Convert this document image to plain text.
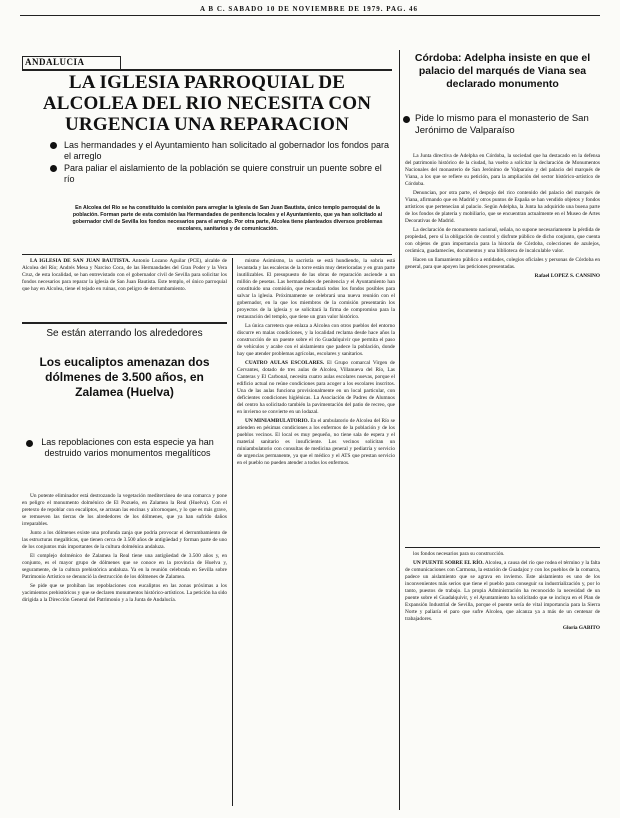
A B C. SABADO 10 DE NOVIEMBRE DE 1979. PAG. 46
ANDALUCIA
LA IGLESIA PARROQUIAL DE ALCOLEA DEL RIO NECESITA CON URGENCIA UNA REPARACION
Las hermandades y el Ayuntamiento han solicitado al gobernador los fondos para el arreglo
Para paliar el aislamiento de la población se quiere construir un puente sobre el río
En Alcolea del Río se ha constituido la comisión para arreglar la iglesia de San Juan Bautista, único templo parroquial de la población. Forman parte de esta comisión las Hermandades de penitencia locales y el Ayuntamiento, que ya han solicitado al gobernador civil de Sevilla los fondos necesarios para el arreglo. Por otra parte, Alcolea tiene planteados diversos problemas escolares, sanitarios y de comunicación.

LA IGLESIA DE SAN JUAN BAUTISTA. Antonio Lozano Aguilar (PCE), alcalde de Alcolea del Río; Andrés Mesa y Narciso Coca, de las Hermandades del Gran Poder y la Vera Cruz, de esta localidad, se han entrevistado con el gobernador civil de Sevilla para solicitar los fondos necesarios para reparar la iglesia de San Juan Bautista. Este templo, el único parroquial que hay en Alcolea, tiene el tejado en ruinas, con peligro de derrumbamiento.

Se están aterrando los alrededores
Los eucaliptos amenazan dos dólmenes de 3.500 años, en Zalamea (Huelva)
Las repoblaciones con esta especie ya han destruido varios monumentos megalíticos

Un potente eliminador está destrozando la vegetación mediterránea de una comarca y pone en peligro el monumento dolménico de El Pozuelo, en Zalamea la Real (Huelva). Con el pretexto de repoblar con eucaliptos, se arrasan las encinas y alcornoques, y lo que es más grave, se remueven las tierras de los alrededores de los dólmenes, que ya han sufrido daños irreparables.

Junto a los dólmenes existe una profunda zanja que podría provocar el derrumbamiento de las estructuras megalíticas, que tienen cerca de 3.500 años de antigüedad y forman parte de uno de los conjuntos más importantes de la cultura dolménica andaluza.

El complejo dolménico de Zalamea la Real tiene una antigüedad de 3.500 años y, en conjunto, es el mayor grupo de dólmenes que se conoce en la provincia de Huelva y, seguramente, de la cultura prehistórica andaluza. Ya en la reunión celebrada en Sevilla sobre Patrimonio Artístico se denunció la destrucción de los dólmenes de Zalamea.

Se pide que se prohíban las repoblaciones con eucaliptos en las zonas próximas a los yacimientos prehistóricos y que se declaren monumentos histórico-artísticos. La petición ha sido dirigida a la Dirección General del Patrimonio y a la Junta de Andalucía.

mismo Asimismo, la sacristía se está hundiendo, la sobria está levantada y las escaleras de la torre están muy deterioradas y en gran parte inutilizables. El presupuesto de las obras de reparación asciende a un millón de pesetas. Las hermandades de penitencia y el Ayuntamiento han constituido una comisión, que recaudará todos los fondos posibles para salvar la iglesia. Próximamente se celebrará una nueva reunión con el gobernador, en la que los miembros de la comisión presentarán los proyectos de la iglesia y se solicitará la firma de compromiso para la restauración del templo, que tiene un gran valor histórico.

La única carretera que enlaza a Alcolea con otros pueblos del entorno discurre en malas condiciones, y la localidad reclama desde hace años la construcción de un puente sobre el río Guadalquivir que permita el paso de vehículos y acabe con el aislamiento que padece la población, donde hay que atender problemas agrícolas, escolares y sanitarios.

CUATRO AULAS ESCOLARES. El Grupo comarcal Virgen de Cervantes, dotado de tres aulas de Alcolea, Villanueva del Río, Las Canteras y El Carbonal, necesita cuatro aulas escolares nuevas, porque el edificio actual no reúne condiciones para acoger a los escolares inscritos. Una de las aulas funciona provisionalmente en un local particular, con deficientes condiciones higiénicas. La Asociación de Padres de Alumnos del centro ha solicitado también la pavimentación del patio de recreo, que en invierno se convierte en un lodazal.

UN MINIAMBULATORIO. En el ambulatorio de Alcolea del Río se atienden en pésimas condiciones a los enfermos de la población y de los pueblos vecinos. El local es muy pequeño, no tiene sala de espera y el material sanitario es insuficiente. Los vecinos solicitan un miniambulatorio con consultas de medicina general y pediatría y servicio de urgencias permanente, ya que el médico y el ATS que prestan servicio en el pueblo no pueden atender a todos los enfermos.

Córdoba: Adelpha insiste en que el palacio del marqués de Viana sea declarado monumento
Pide lo mismo para el monasterio de San Jerónimo de Valparaíso

La Junta directiva de Adelpha en Córdoba, la sociedad que ha destacado en la defensa del patrimonio histórico de la ciudad, ha vuelto a solicitar la declaración de Monumentos Nacionales del monasterio de San Jerónimo de Valparaíso y del palacio del marqués de Viana, a los que se refiere su petición, para la ampliación del sector histórico-artístico de Córdoba.

Denuncian, por otra parte, el despojo del rico contenido del palacio del marqués de Viana, afirmando que en Madrid y otros puntos de España se han vendido objetos y fondos artísticos que pertenecían al palacio. Según Adelpha, la Junta ha adquirido una buena parte de los fondos de platería y mobiliario, que se encuentran actualmente en el Museo de Artes Decorativas de Madrid.

La declaración de monumento nacional, señala, no supone necesariamente la pérdida de propiedad, pero sí la obligación de control y disfrute público de dicho conjunto, que cuenta con objetos de gran importancia para la historia de Córdoba, colecciones de azulejos, cerámica, guadamecíes, documentos y una biblioteca de incalculable valor.

Hacen un llamamiento público a entidades, colegios oficiales y personas de Córdoba en general, para que apoyen las peticiones presentadas.

Rafael LOPEZ S. CANSINO

los fondos necesarios para su construcción.

UN PUENTE SOBRE EL RÍO. Alcolea, a causa del río que rodea el término y la falta de comunicaciones con Carmona, la estación de Guadajoz y con los pueblos de la comarca, padece un aislamiento que se agrava en invierno. Este aislamiento es uno de los inconvenientes más serios que tiene el pueblo para conseguir su industrialización y, por lo tanto, puestos de trabajo. La propia Administración ha reconocido la necesidad de un puente sobre el Guadalquivir, y el Ayuntamiento ha solicitado que se incluya en el Plan de Expansión Industrial de Sevilla, porque el puente sería de vital importancia para la Sierra Norte y paliaría el paro que sufre Alcolea, que alcanza ya a más de un centenar de trabajadores.

Gloria GABITO
